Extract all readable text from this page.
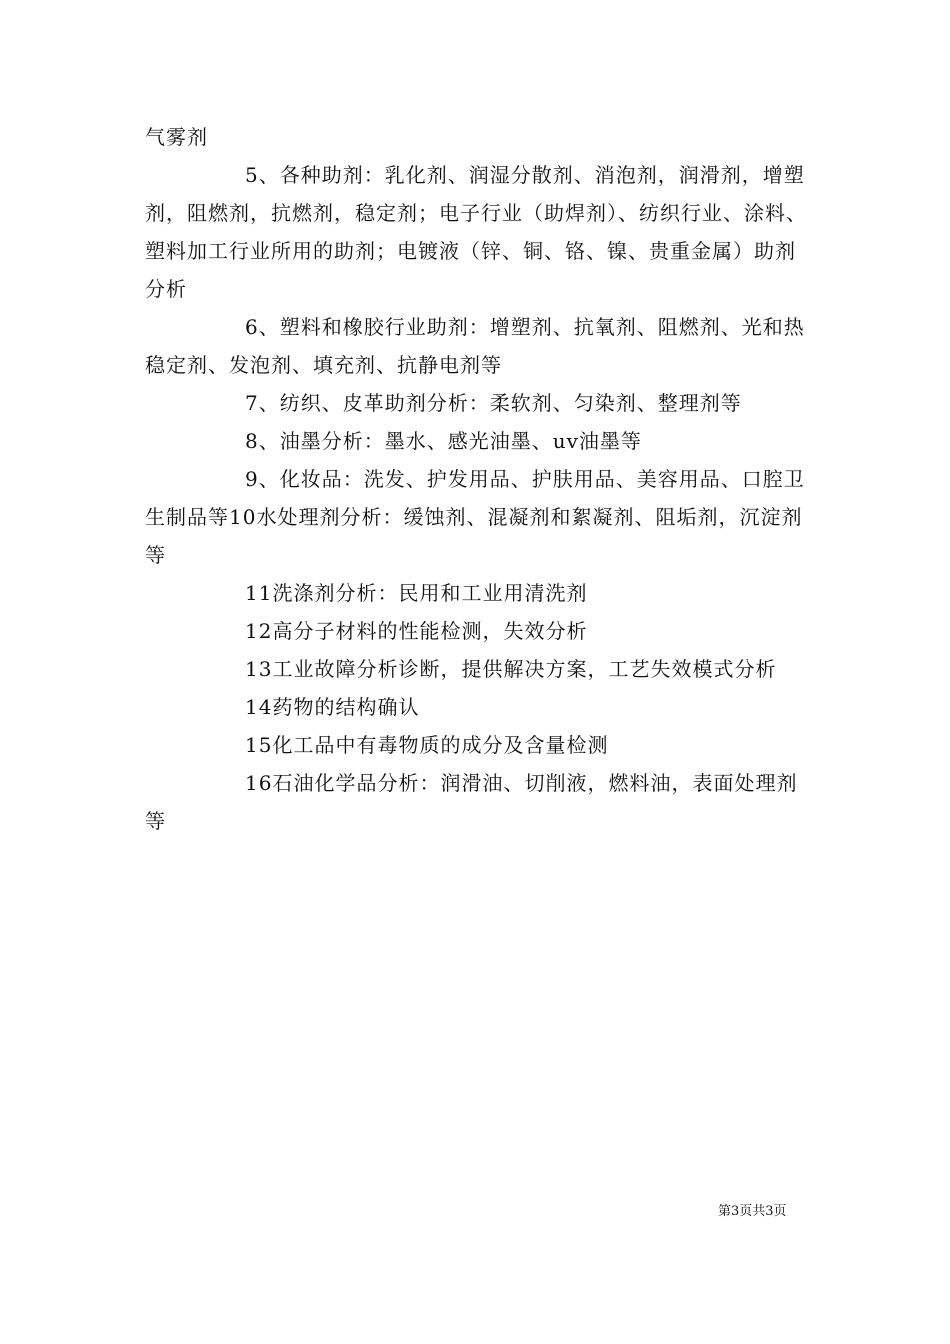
气雾剂

5、各种助剂：乳化剂、润湿分散剂、消泡剂，润滑剂，增塑剂，阻燃剂，抗燃剂，稳定剂；电子行业（助焊剂）、纺织行业、涂料、塑料加工行业所用的助剂；电镀液（锌、铜、铬、镍、贵重金属）助剂分析

6、塑料和橡胶行业助剂：增塑剂、抗氧剂、阻燃剂、光和热稳定剂、发泡剂、填充剂、抗静电剂等

7、纺织、皮革助剂分析：柔软剂、匀染剂、整理剂等

8、油墨分析：墨水、感光油墨、uv油墨等

9、化妆品：洗发、护发用品、护肤用品、美容用品、口腔卫生制品等10水处理剂分析：缓蚀剂、混凝剂和絮凝剂、阻垢剂，沉淀剂等

11洗涤剂分析：民用和工业用清洗剂

12高分子材料的性能检测，失效分析

13工业故障分析诊断，提供解决方案，工艺失效模式分析

14药物的结构确认

15化工品中有毒物质的成分及含量检测

16石油化学品分析：润滑油、切削液，燃料油，表面处理剂等

第3页共3页
